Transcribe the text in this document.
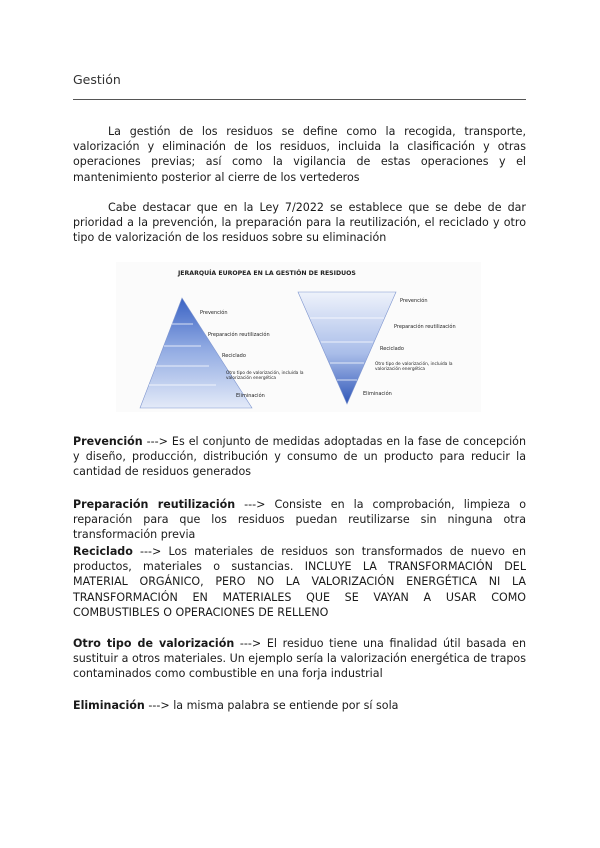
Gestión

La gestión de los residuos se define como la recogida, transporte, valorización y eliminación de los residuos, incluida la clasificación y otras operaciones previas; así como la vigilancia de estas operaciones y el mantenimiento posterior al cierre de los vertederos

Cabe destacar que en la Ley 7/2022 se establece que se debe de dar prioridad a la prevención, la preparación para la reutilización, el reciclado y otro tipo de valorización de los residuos sobre su eliminación

JERARQUÍA EUROPEA EN LA GESTIÓN DE RESIDUOS
Prevención
Preparación reutilización
Reciclado
Otro tipo de valorización, incluida la valorización energética
Eliminación
Prevención
Preparación reutilización
Reciclado
Otro tipo de valorización, incluida la valorización energética
Eliminación

Prevención ---> Es el conjunto de medidas adoptadas en la fase de concepción y diseño, producción, distribución y consumo de un producto para reducir la cantidad de residuos generados

Preparación reutilización ---> Consiste en la comprobación, limpieza o reparación para que los residuos puedan reutilizarse sin ninguna otra transformación previa

Reciclado ---> Los materiales de residuos son transformados de nuevo en productos, materiales o sustancias. INCLUYE LA TRANSFORMACIÓN DEL MATERIAL ORGÁNICO, PERO NO LA VALORIZACIÓN ENERGÉTICA NI LA TRANSFORMACIÓN EN MATERIALES QUE SE VAYAN A USAR COMO COMBUSTIBLES O OPERACIONES DE RELLENO

Otro tipo de valorización ---> El residuo tiene una finalidad útil basada en sustituir a otros materiales. Un ejemplo sería la valorización energética de trapos contaminados como combustible en una forja industrial

Eliminación ---> la misma palabra se entiende por sí sola
